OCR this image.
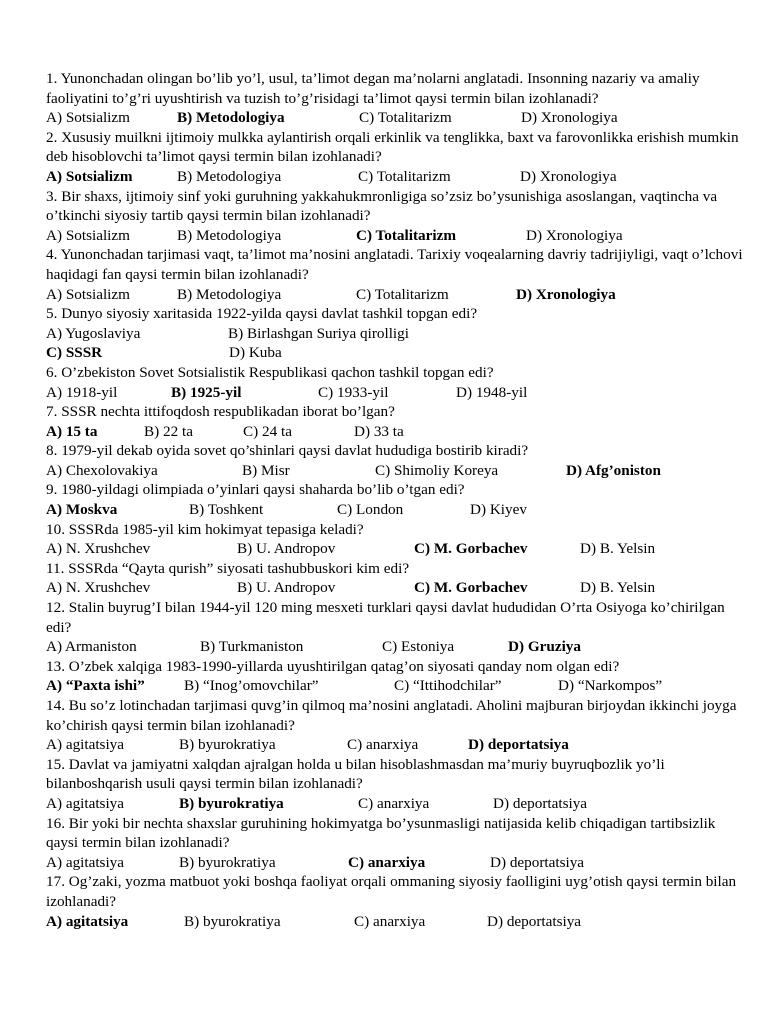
1. Yunonchadan olingan bo’lib yo’l, usul, ta’limot degan ma’nolarni anglatadi. Insonning nazariy va amaliy faoliyatini to’g’ri uyushtirish va tuzish to’g’risidagi ta’limot qaysi termin bilan izohlanadi?
A) Sotsializm	B) Metodologiya	C) Totalitarizm	D) Xronologiya
2. Xususiy muilkni ijtimoiy mulkka aylantirish orqali erkinlik va tenglikka, baxt va farovonlikka erishish mumkin deb hisoblovchi ta’limot qaysi termin bilan izohlanadi?
A) Sotsializm	B) Metodologiya	C) Totalitarizm	D) Xronologiya
3. Bir shaxs, ijtimoiy sinf yoki guruhning yakkahukmronligiga so’zsiz bo’ysunishiga asoslangan, vaqtincha va o’tkinchi siyosiy tartib qaysi termin bilan izohlanadi?
A) Sotsializm	B) Metodologiya	C) Totalitarizm	D) Xronologiya
4. Yunonchadan tarjimasi vaqt, ta’limot ma’nosini anglatadi. Tarixiy voqealarning davriy tadrijiyligi, vaqt o’lchovi haqidagi fan qaysi termin bilan izohlanadi?
A) Sotsializm	B) Metodologiya	C) Totalitarizm	D) Xronologiya
5. Dunyo siyosiy xaritasida 1922-yilda qaysi davlat tashkil topgan edi?
A) Yugoslaviya	B) Birlashgan Suriya qirolligi
C) SSSR	D) Kuba
6. O’zbekiston Sovet Sotsialistik Respublikasi qachon tashkil topgan edi?
A) 1918-yil	B) 1925-yil	C) 1933-yil	D) 1948-yil
7. SSSR nechta ittifoqdosh respublikadan iborat bo’lgan?
A) 15 ta	B) 22 ta	C) 24 ta	D) 33 ta
8. 1979-yil dekab oyida sovet qo’shinlari qaysi davlat hududiga bostirib kiradi?
A) Chexolovakiya	B) Misr	C) Shimoliy Koreya	D) Afg’oniston
9. 1980-yildagi olimpiada o’yinlari qaysi shaharda bo’lib o’tgan edi?
A) Moskva	B) Toshkent	C) London	D) Kiyev
10. SSSRda 1985-yil kim hokimyat tepasiga keladi?
A) N. Xrushchev	B) U. Andropov	C) M. Gorbachev	D) B. Yelsin
11. SSSRda “Qayta qurish” siyosati tashubbuskori kim edi?
A) N. Xrushchev	B) U. Andropov	C) M. Gorbachev	D) B. Yelsin
12. Stalin buyrug’I bilan 1944-yil 120 ming mesxeti turklari qaysi davlat hududidan O’rta Osiyoga ko’chirilgan edi?
A) Armaniston	B) Turkmaniston	C) Estoniya	D) Gruziya
13. O’zbek xalqiga 1983-1990-yillarda uyushtirilgan qatag’on siyosati qanday nom olgan edi?
A) “Paxta ishi”	B) “Inog’omovchilar”	C) “Ittihodchilar”	D) “Narkompos”
14. Bu so’z lotinchadan tarjimasi quvg’in qilmoq ma’nosini anglatadi. Aholini majburan birjoydan ikkinchi joyga ko’chirish qaysi termin bilan izohlanadi?
A) agitatsiya	B) byurokratiya	C) anarxiya	D) deportatsiya
15. Davlat va jamiyatni xalqdan ajralgan holda u bilan hisoblashmasdan ma’muriy buyruqbozlik yo’li bilanboshqarish usuli qaysi termin bilan izohlanadi?
A) agitatsiya	B) byurokratiya	C) anarxiya	D) deportatsiya
16. Bir yoki bir nechta shaxslar guruhining hokimyatga bo’ysunmasligi natijasida kelib chiqadigan tartibsizlik qaysi termin bilan izohlanadi?
A) agitatsiya	B) byurokratiya	C) anarxiya	D) deportatsiya
17. Og’zaki, yozma matbuot yoki boshqa faoliyat orqali ommaning siyosiy faolligini uyg’otish qaysi termin bilan izohlanadi?
A) agitatsiya	B) byurokratiya	C) anarxiya	D) deportatsiya
